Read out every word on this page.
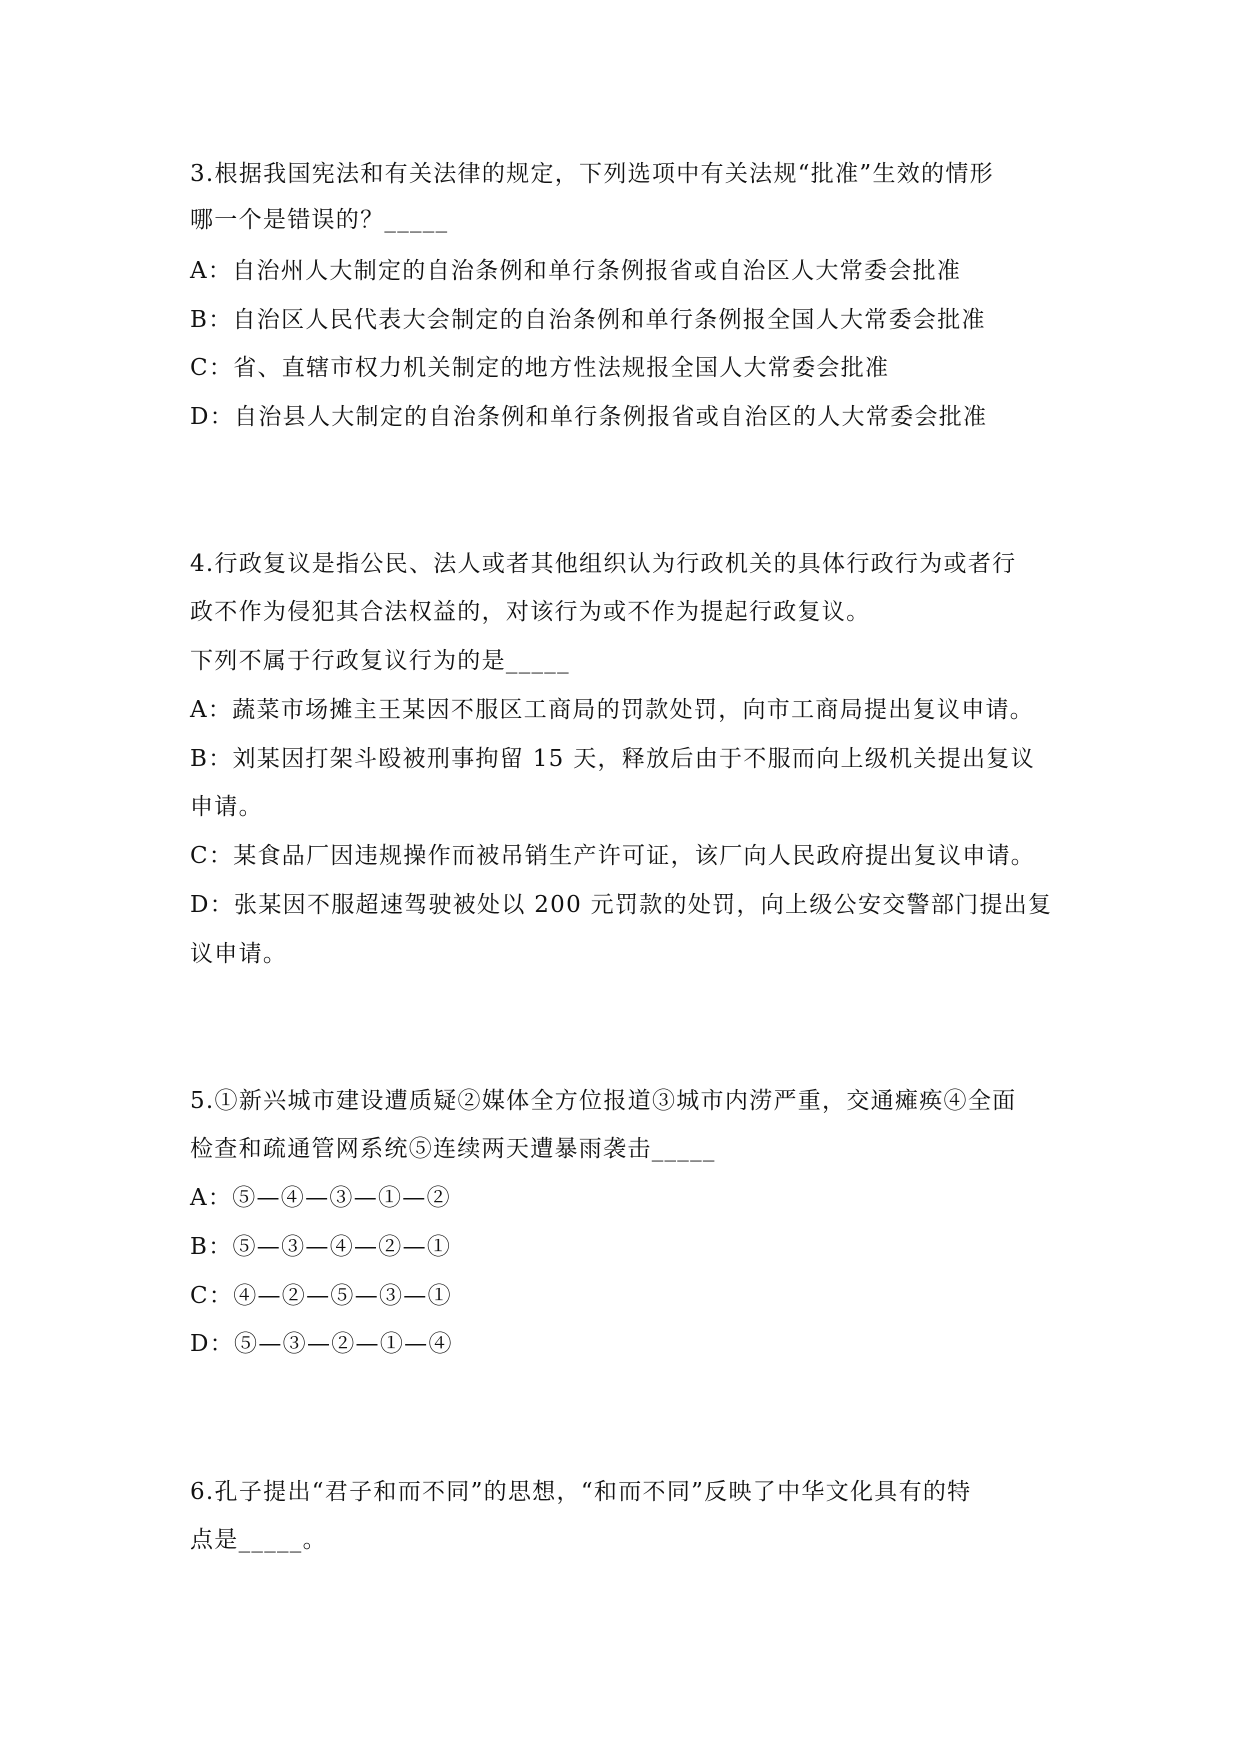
3.根据我国宪法和有关法律的规定，下列选项中有关法规“批准”生效的情形
哪一个是错误的？_____
A：自治州人大制定的自治条例和单行条例报省或自治区人大常委会批准
B：自治区人民代表大会制定的自治条例和单行条例报全国人大常委会批准
C：省、直辖市权力机关制定的地方性法规报全国人大常委会批准
D：自治县人大制定的自治条例和单行条例报省或自治区的人大常委会批准
4.行政复议是指公民、法人或者其他组织认为行政机关的具体行政行为或者行
政不作为侵犯其合法权益的，对该行为或不作为提起行政复议。
下列不属于行政复议行为的是_____
A：蔬菜市场摊主王某因不服区工商局的罚款处罚，向市工商局提出复议申请。
B：刘某因打架斗殴被刑事拘留 15 天，释放后由于不服而向上级机关提出复议
申请。
C：某食品厂因违规操作而被吊销生产许可证，该厂向人民政府提出复议申请。
D：张某因不服超速驾驶被处以 200 元罚款的处罚，向上级公安交警部门提出复
议申请。
5.①新兴城市建设遭质疑②媒体全方位报道③城市内涝严重，交通瘫痪④全面
检查和疏通管网系统⑤连续两天遭暴雨袭击_____
A：⑤—④—③—①—②
B：⑤—③—④—②—①
C：④—②—⑤—③—①
D：⑤—③—②—①—④
6.孔子提出“君子和而不同”的思想，“和而不同”反映了中华文化具有的特
点是_____。
